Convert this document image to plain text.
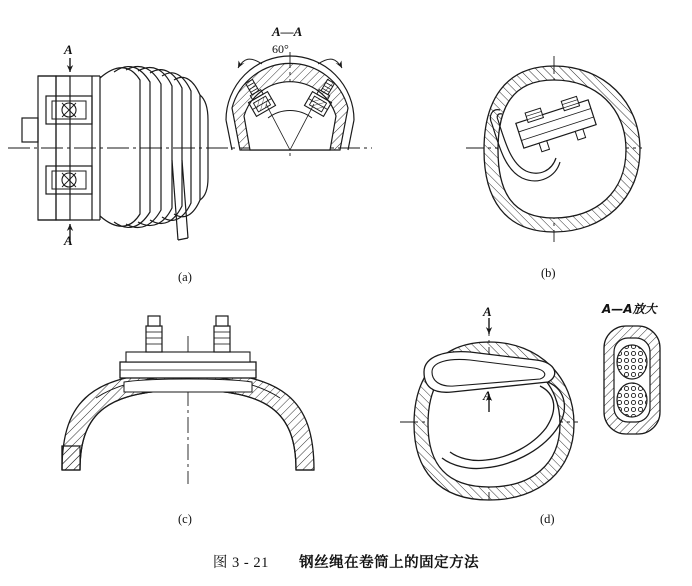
A
A
A—A
60°
(a)	(b)
(c)	(d)
A
A
A—A放大
图 3 - 21 钢丝绳在卷筒上的固定方法
